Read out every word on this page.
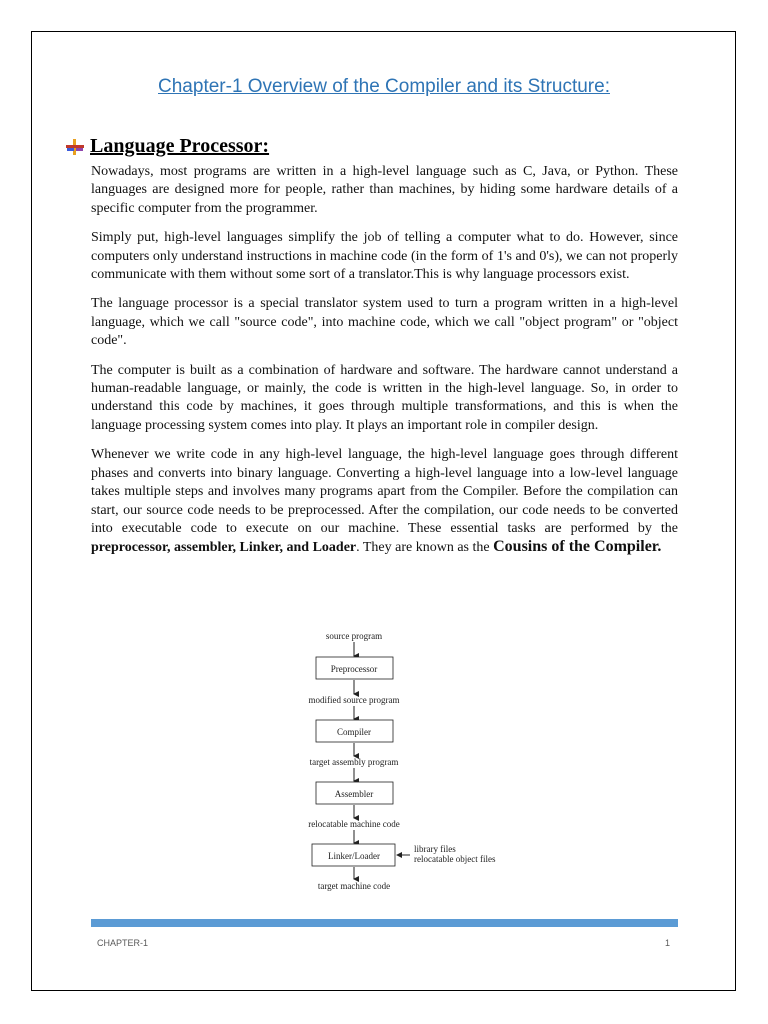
Chapter-1 Overview of the Compiler and its Structure:
Language Processor:

Nowadays, most programs are written in a high-level language such as C, Java, or Python. These languages are designed more for people, rather than machines, by hiding some hardware details of a specific computer from the programmer.

Simply put, high-level languages simplify the job of telling a computer what to do. However, since computers only understand instructions in machine code (in the form of 1's and 0's), we can not properly communicate with them without some sort of a translator.This is why language processors exist.

The language processor is a special translator system used to turn a program written in a high-level language, which we call "source code", into machine code, which we call "object program" or "object code".

The computer is built as a combination of hardware and software. The hardware cannot understand a human-readable language, or mainly, the code is written in the high-level language. So, in order to understand this code by machines, it goes through multiple transformations, and this is when the language processing system comes into play. It plays an important role in compiler design.

Whenever we write code in any high-level language, the high-level language goes through different phases and converts into binary language. Converting a high-level language into a low-level language takes multiple steps and involves many programs apart from the Compiler. Before the compilation can start, our source code needs to be preprocessed. After the compilation, our code needs to be converted into executable code to execute on our machine. These essential tasks are performed by the preprocessor, assembler, Linker, and Loader. They are known as the Cousins of the Compiler.

source program
Preprocessor
modified source program
Compiler
target assembly program
Assembler
relocatable machine code
Linker/Loader
library files
relocatable object files
target machine code
CHAPTER-1	1
